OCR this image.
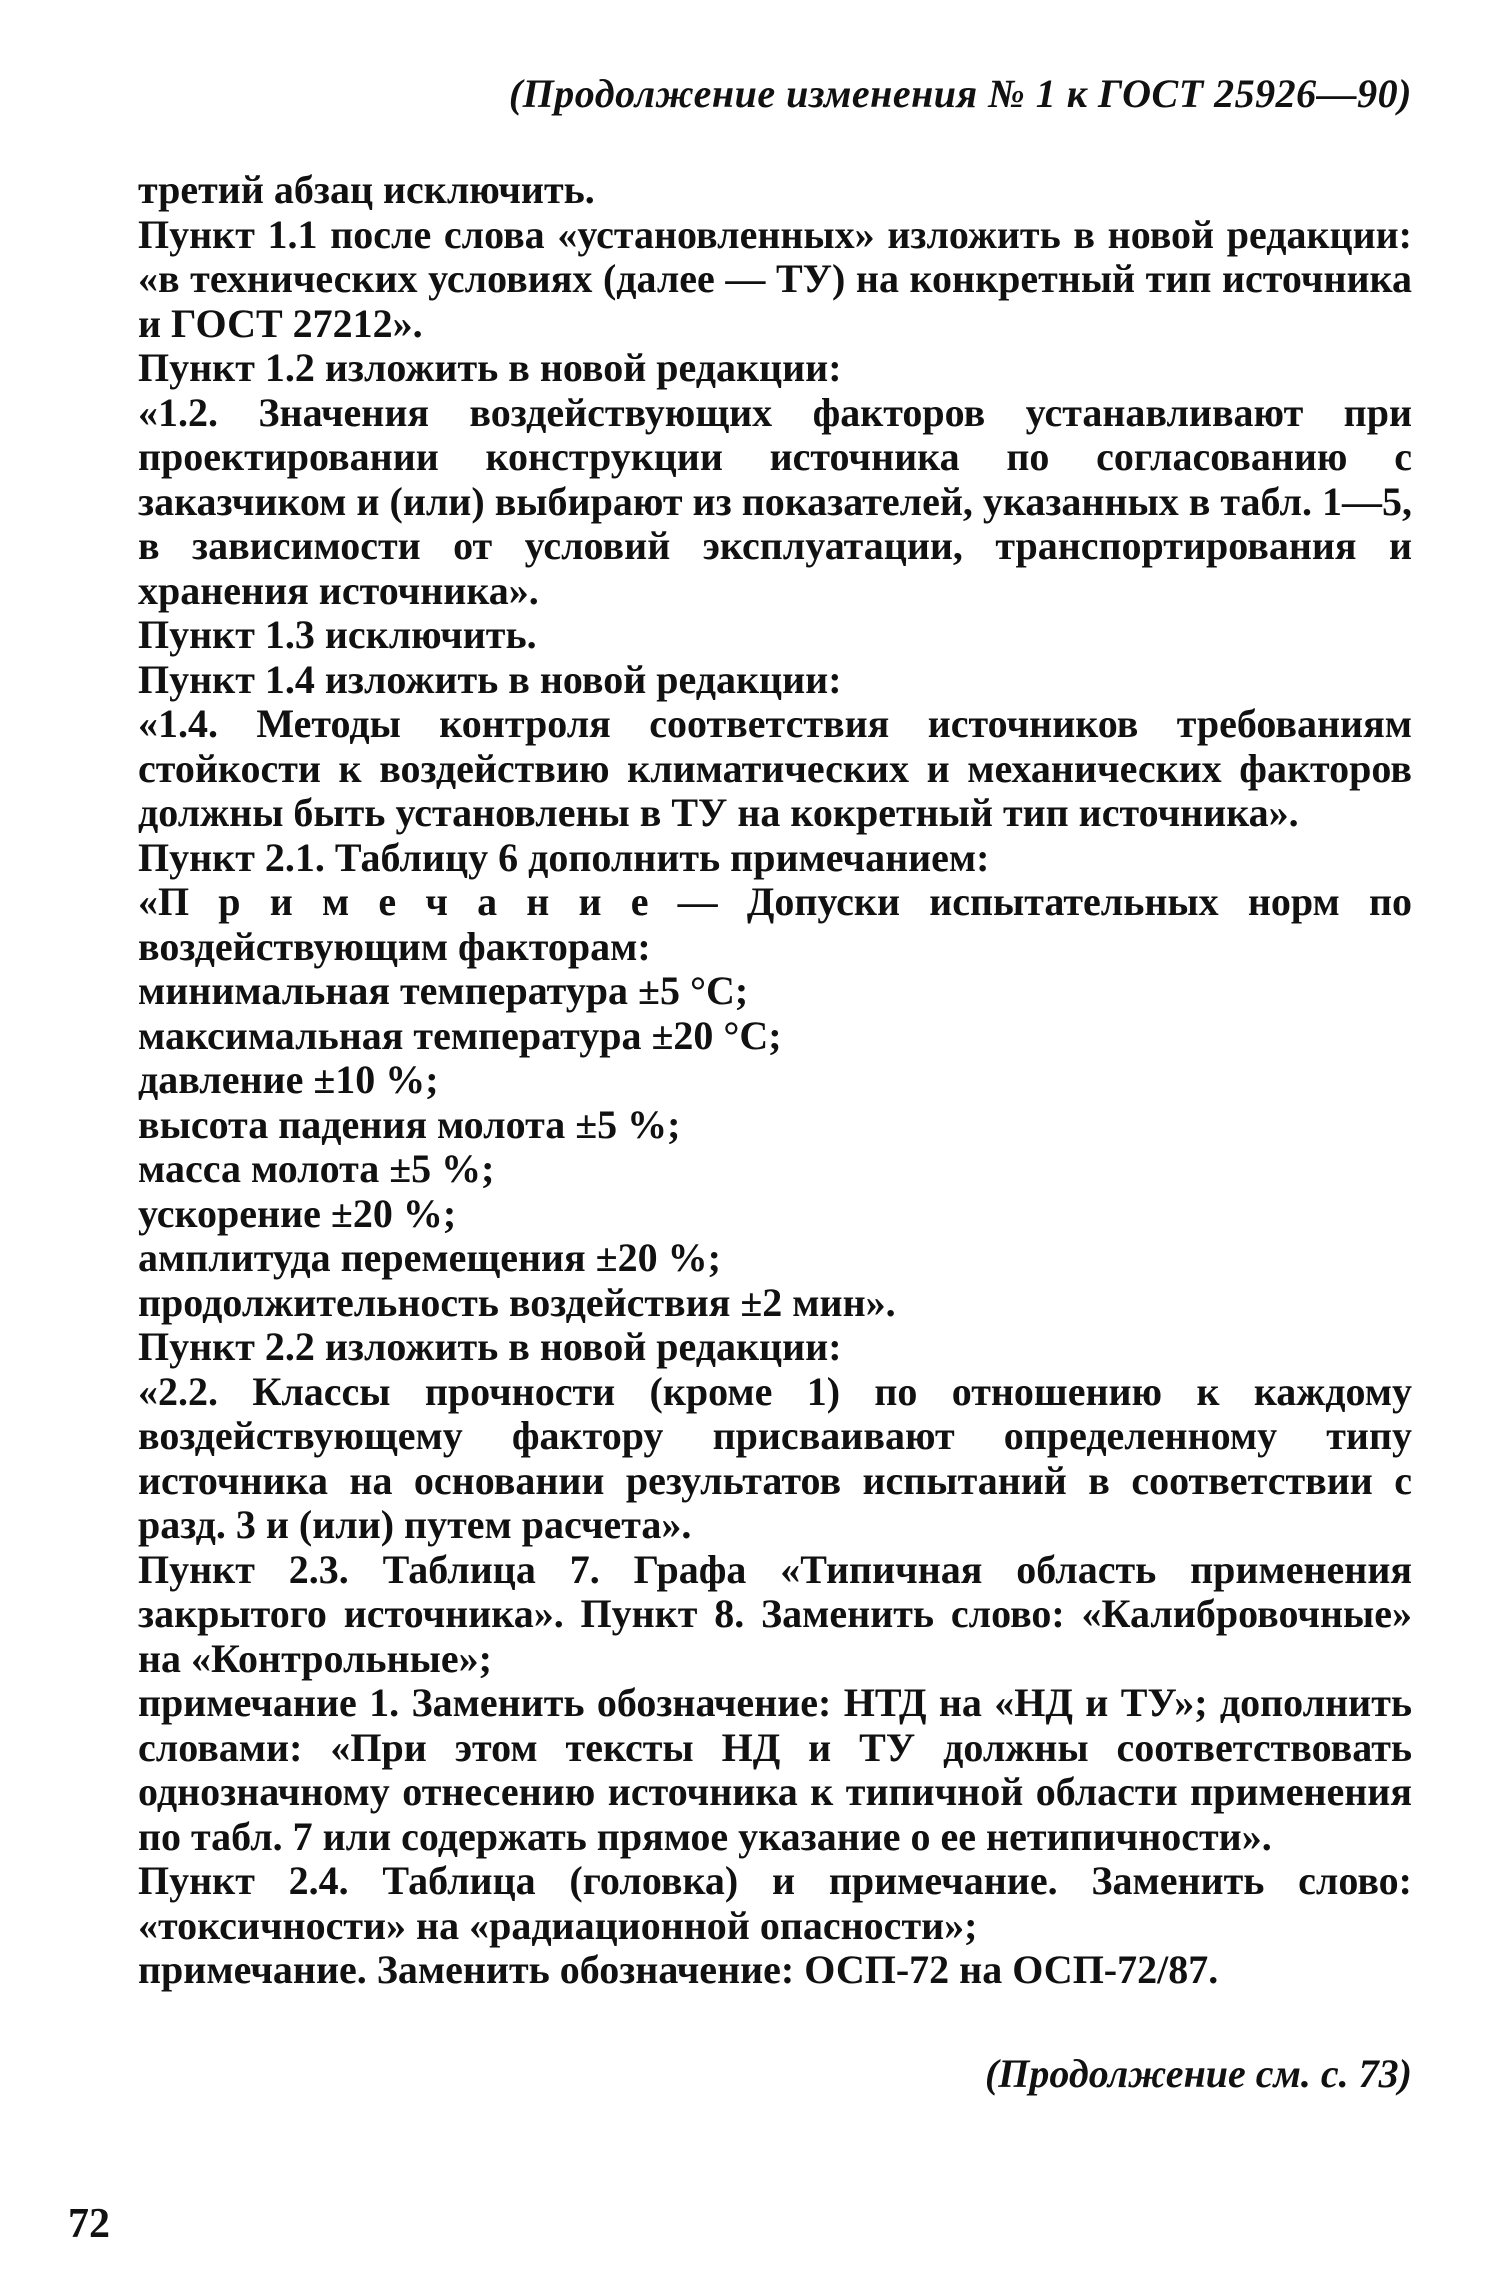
(Продолжение изменения № 1 к ГОСТ 25926—90)

третий абзац исключить.

Пункт 1.1 после слова «установленных» изложить в новой редакции: «в технических условиях (далее — ТУ) на конкретный тип источника и ГОСТ 27212».

Пункт 1.2 изложить в новой редакции:

«1.2. Значения воздействующих факторов устанавливают при проектировании конструкции источника по согласованию с заказчиком и (или) выбирают из показателей, указанных в табл. 1—5, в зависимости от условий эксплуатации, транспортирования и хранения источника».

Пункт 1.3 исключить.

Пункт 1.4 изложить в новой редакции:

«1.4. Методы контроля соответствия источников требованиям стойкости к воздействию климатических и механических факторов должны быть установлены в ТУ на кокретный тип источника».

Пункт 2.1. Таблицу 6 дополнить примечанием:

«П р и м е ч а н и е — Допуски испытательных норм по воздействующим факторам:

минимальная температура ±5 °С;

максимальная температура ±20 °С;

давление ±10 %;

высота падения молота ±5 %;

масса молота ±5 %;

ускорение ±20 %;

амплитуда перемещения ±20 %;

продолжительность воздействия ±2 мин».

Пункт 2.2 изложить в новой редакции:

«2.2. Классы прочности (кроме 1) по отношению к каждому воздействующему фактору присваивают определенному типу источника на основании результатов испытаний в соответствии с разд. 3 и (или) путем расчета».

Пункт 2.3. Таблица 7. Графа «Типичная область применения закрытого источника». Пункт 8. Заменить слово: «Калибровочные» на «Контрольные»;

примечание 1. Заменить обозначение: НТД на «НД и ТУ»; дополнить словами: «При этом тексты НД и ТУ должны соответствовать однозначному отнесению источника к типичной области применения по табл. 7 или содержать прямое указание о ее нетипичности».

Пункт 2.4. Таблица (головка) и примечание. Заменить слово: «токсичности» на «радиационной опасности»;

примечание. Заменить обозначение: ОСП-72 на ОСП-72/87.

(Продолжение см. с. 73)
72
